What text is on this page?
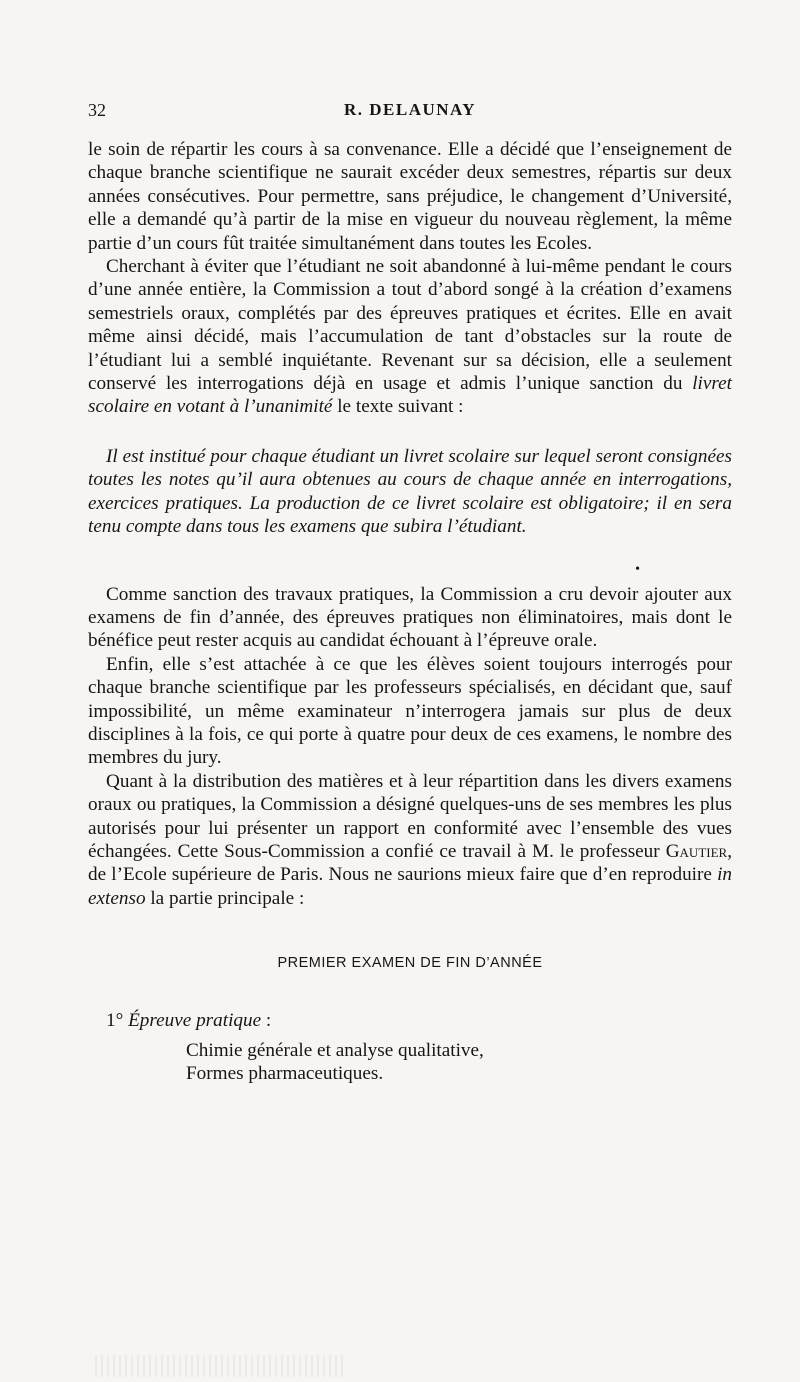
32	R. DELAUNAY

le soin de répartir les cours à sa convenance. Elle a décidé que l’enseignement de chaque branche scientifique ne saurait excéder deux semestres, répartis sur deux années consécutives. Pour permettre, sans préjudice, le changement d’Université, elle a demandé qu’à partir de la mise en vigueur du nouveau règlement, la même partie d’un cours fût traitée simultanément dans toutes les Ecoles.

Cherchant à éviter que l’étudiant ne soit abandonné à lui-même pendant le cours d’une année entière, la Commission a tout d’abord songé à la création d’examens semestriels oraux, complétés par des épreuves pratiques et écrites. Elle en avait même ainsi décidé, mais l’accumulation de tant d’obstacles sur la route de l’étudiant lui a semblé inquiétante. Revenant sur sa décision, elle a seulement conservé les interrogations déjà en usage et admis l’unique sanction du livret scolaire en votant à l’unanimité le texte suivant :

Il est institué pour chaque étudiant un livret scolaire sur lequel seront consignées toutes les notes qu’il aura obtenues au cours de chaque année en interrogations, exercices pratiques. La production de ce livret scolaire est obligatoire; il en sera tenu compte dans tous les examens que subira l’étudiant.

•

Comme sanction des travaux pratiques, la Commission a cru devoir ajouter aux examens de fin d’année, des épreuves pratiques non éliminatoires, mais dont le bénéfice peut rester acquis au candidat échouant à l’épreuve orale.

Enfin, elle s’est attachée à ce que les élèves soient toujours interrogés pour chaque branche scientifique par les professeurs spécialisés, en décidant que, sauf impossibilité, un même examinateur n’interrogera jamais sur plus de deux disciplines à la fois, ce qui porte à quatre pour deux de ces examens, le nombre des membres du jury.

Quant à la distribution des matières et à leur répartition dans les divers examens oraux ou pratiques, la Commission a désigné quelques-uns de ses membres les plus autorisés pour lui présenter un rapport en conformité avec l’ensemble des vues échangées. Cette Sous-Commission a confié ce travail à M. le professeur Gautier, de l’Ecole supérieure de Paris. Nous ne saurions mieux faire que d’en reproduire in extenso la partie principale :

PREMIER EXAMEN DE FIN D’ANNÉE
1° Épreuve pratique :
Chimie générale et analyse qualitative,
Formes pharmaceutiques.
